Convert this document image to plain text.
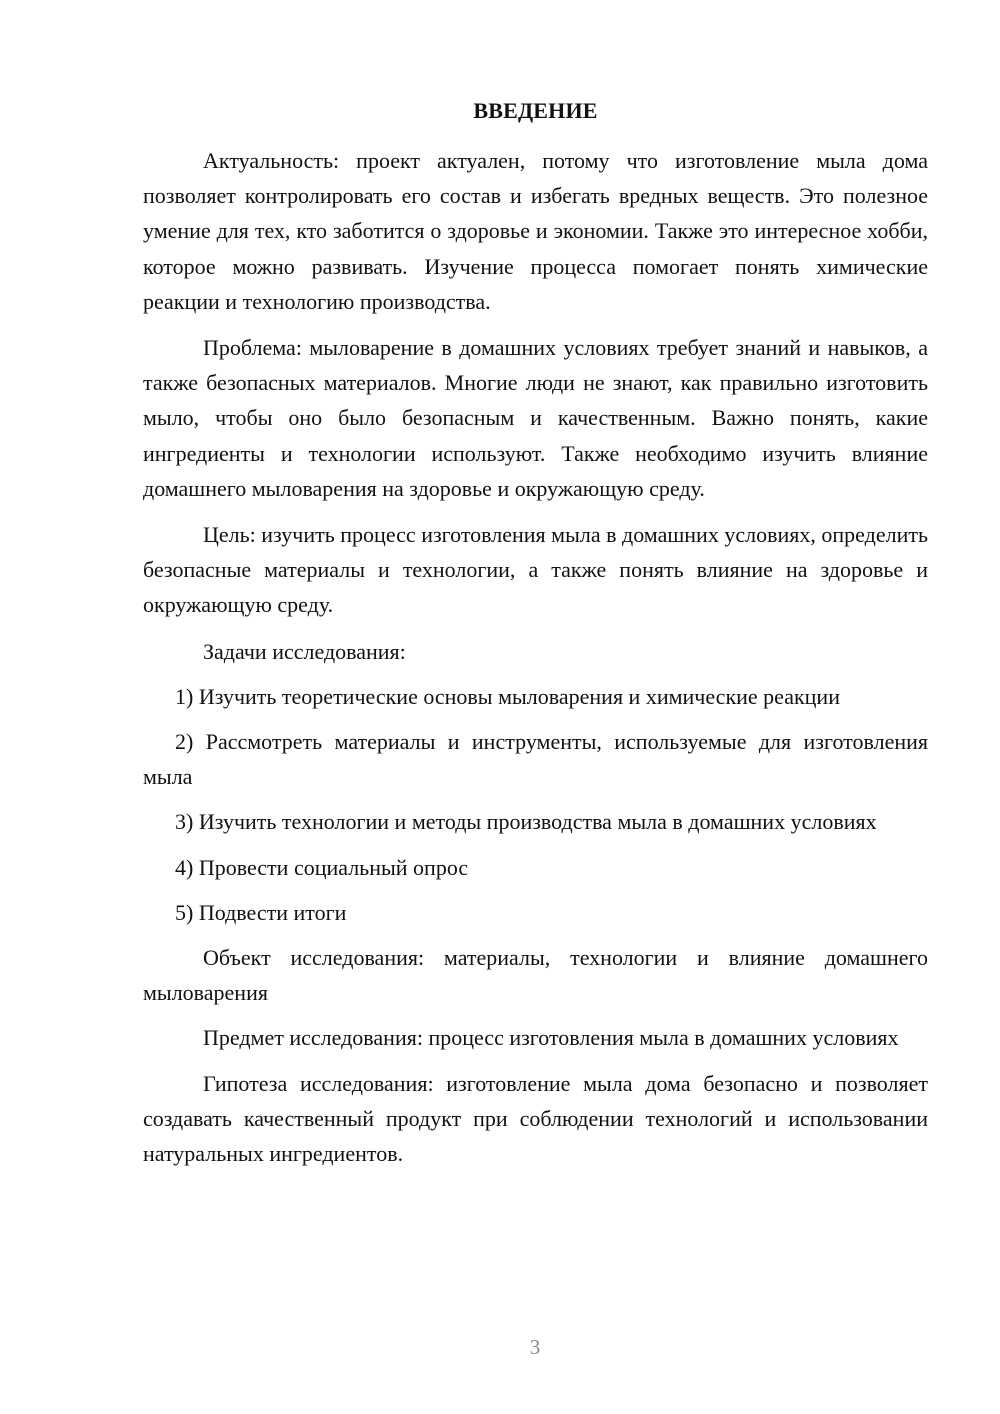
ВВЕДЕНИЕ

Актуальность: проект актуален, потому что изготовление мыла дома позволяет контролировать его состав и избегать вредных веществ. Это полезное умение для тех, кто заботится о здоровье и экономии. Также это интересное хобби, которое можно развивать. Изучение процесса помогает понять химические реакции и технологию производства.

Проблема: мыловарение в домашних условиях требует знаний и навыков, а также безопасных материалов. Многие люди не знают, как правильно изготовить мыло, чтобы оно было безопасным и качественным. Важно понять, какие ингредиенты и технологии используют. Также необходимо изучить влияние домашнего мыловарения на здоровье и окружающую среду.

Цель: изучить процесс изготовления мыла в домашних условиях, определить безопасные материалы и технологии, а также понять влияние на здоровье и окружающую среду.

Задачи исследования:

1) Изучить теоретические основы мыловарения и химические реакции

2) Рассмотреть материалы и инструменты, используемые для изготовления мыла

3) Изучить технологии и методы производства мыла в домашних условиях

4) Провести социальный опрос

5) Подвести итоги

Объект исследования: материалы, технологии и влияние домашнего мыловарения

Предмет исследования: процесс изготовления мыла в домашних условиях

Гипотеза исследования: изготовление мыла дома безопасно и позволяет создавать качественный продукт при соблюдении технологий и использовании натуральных ингредиентов.

3
